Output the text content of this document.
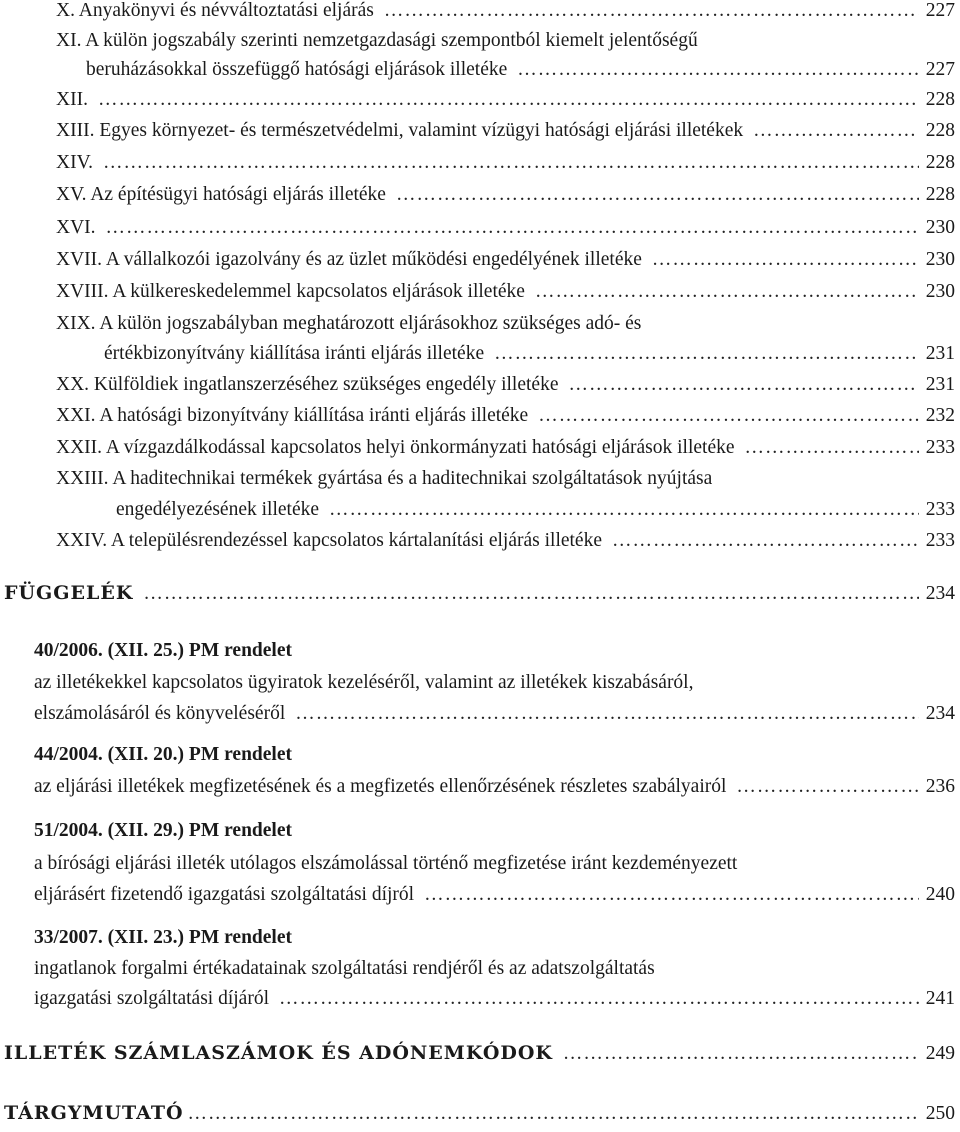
X. Anyakönyvi és névváltoztatási eljárás ……………………………………………………………………………………………………………………………………	227
XI. A külön jogszabály szerinti nemzetgazdasági szempontból kiemelt jelentőségű
beruházásokkal összefüggő hatósági eljárások illetéke ……………………………………………………………………………………………………………………………………	227
XII. ……………………………………………………………………………………………………………………………………	228
XIII. Egyes környezet- és természetvédelmi, valamint vízügyi hatósági eljárási illetékek ……………………………………………………………………………………………………………………………………	228
XIV. ……………………………………………………………………………………………………………………………………	228
XV. Az építésügyi hatósági eljárás illetéke ……………………………………………………………………………………………………………………………………	228
XVI. ……………………………………………………………………………………………………………………………………	230
XVII. A vállalkozói igazolvány és az üzlet működési engedélyének illetéke ……………………………………………………………………………………………………………………………………	230
XVIII. A külkereskedelemmel kapcsolatos eljárások illetéke ……………………………………………………………………………………………………………………………………	230
XIX. A külön jogszabályban meghatározott eljárásokhoz szükséges adó- és
értékbizonyítvány kiállítása iránti eljárás illetéke ……………………………………………………………………………………………………………………………………	231
XX. Külföldiek ingatlanszerzéséhez szükséges engedély illetéke ……………………………………………………………………………………………………………………………………	231
XXI. A hatósági bizonyítvány kiállítása iránti eljárás illetéke ……………………………………………………………………………………………………………………………………	232
XXII. A vízgazdálkodással kapcsolatos helyi önkormányzati hatósági eljárások illetéke ……………………………………………………………………………………………………………………………………	233
XXIII. A haditechnikai termékek gyártása és a haditechnikai szolgáltatások nyújtása
engedélyezésének illetéke ……………………………………………………………………………………………………………………………………	233
XXIV. A településrendezéssel kapcsolatos kártalanítási eljárás illetéke ……………………………………………………………………………………………………………………………………	233
FÜGGELÉK ……………………………………………………………………………………………………………………………………	234
40/2006. (XII. 25.) PM rendelet
az illetékekkel kapcsolatos ügyiratok kezeléséről, valamint az illetékek kiszabásáról,
elszámolásáról és könyveléséről ……………………………………………………………………………………………………………………………………	234
44/2004. (XII. 20.) PM rendelet
az eljárási illetékek megfizetésének és a megfizetés ellenőrzésének részletes szabályairól ……………………………………………………………………………………………………………………………………	236
51/2004. (XII. 29.) PM rendelet
a bírósági eljárási illeték utólagos elszámolással történő megfizetése iránt kezdeményezett
eljárásért fizetendő igazgatási szolgáltatási díjról ……………………………………………………………………………………………………………………………………	240
33/2007. (XII. 23.) PM rendelet
ingatlanok forgalmi értékadatainak szolgáltatási rendjéről és az adatszolgáltatás
igazgatási szolgáltatási díjáról ……………………………………………………………………………………………………………………………………	241
ILLETÉK SZÁMLASZÁMOK ÉS ADÓNEMKÓDOK ……………………………………………………………………………………………………………………………………	249
TÁRGYMUTATÓ ……………………………………………………………………………………………………………………………………	250
